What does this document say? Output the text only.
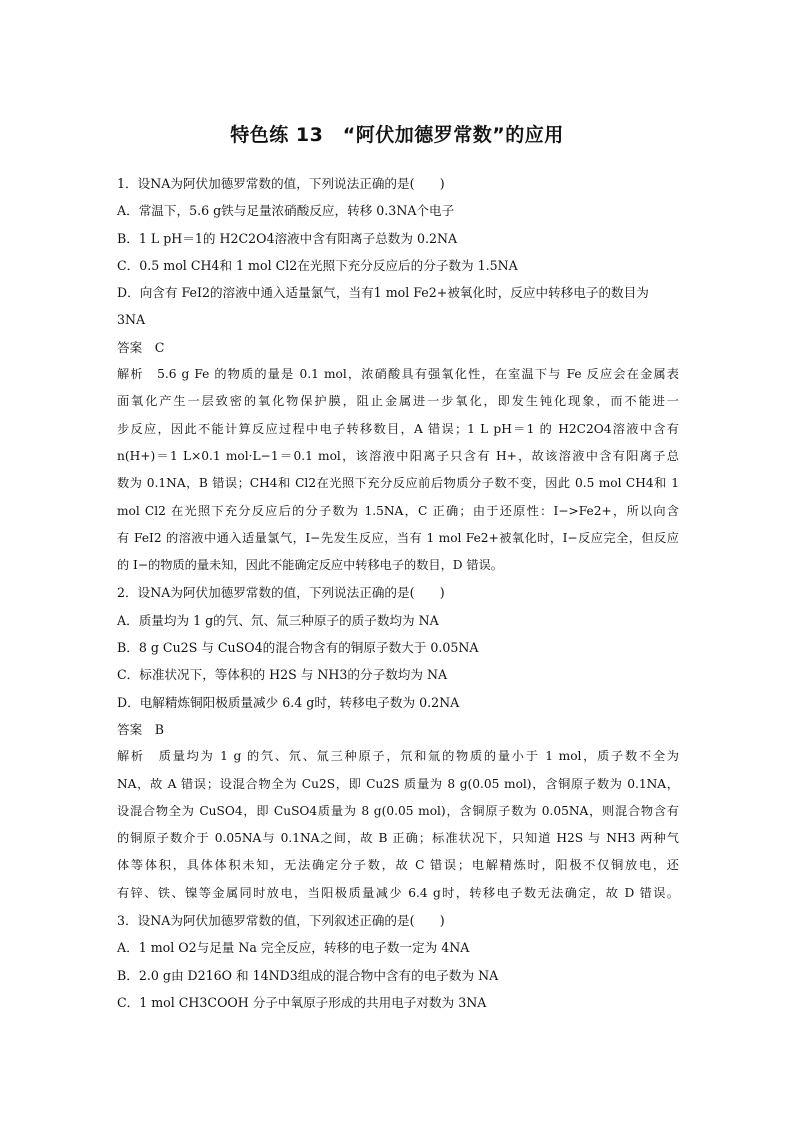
特色练 13　“阿伏加德罗常数”的应用
1．设NA为阿伏加德罗常数的值，下列说法正确的是(　　)
A．常温下，5.6 g铁与足量浓硝酸反应，转移 0.3NA个电子
B．1 L pH＝1的 H2C2O4溶液中含有阳离子总数为 0.2NA
C．0.5 mol CH4和 1 mol Cl2在光照下充分反应后的分子数为 1.5NA
D．向含有 FeI2的溶液中通入适量氯气，当有1 mol Fe2+被氧化时，反应中转移电子的数目为
3NA
答案　C
解析　5.6 g Fe 的物质的量是 0.1 mol，浓硝酸具有强氧化性，在室温下与 Fe 反应会在金属表
面氧化产生一层致密的氧化物保护膜，阻止金属进一步氧化，即发生钝化现象，而不能进一
步反应，因此不能计算反应过程中电子转移数目，A 错误；1 L pH＝1 的 H2C2O4溶液中含有
n(H+)＝1 L×0.1 mol·L−1＝0.1 mol，该溶液中阳离子只含有 H+，故该溶液中含有阳离子总
数为 0.1NA，B 错误；CH4和 Cl2在光照下充分反应前后物质分子数不变，因此 0.5 mol CH4和 1
mol Cl2 在光照下充分反应后的分子数为 1.5NA，C 正确；由于还原性：I−>Fe2+，所以向含
有 FeI2 的溶液中通入适量氯气，I−先发生反应，当有 1 mol Fe2+被氧化时，I−反应完全，但反应
的 I−的物质的量未知，因此不能确定反应中转移电子的数目，D 错误。
2．设NA为阿伏加德罗常数的值，下列说法正确的是(　　)
A．质量均为 1 g的氕、氘、氚三种原子的质子数均为 NA
B．8 g Cu2S 与 CuSO4的混合物含有的铜原子数大于 0.05NA
C．标准状况下，等体积的 H2S 与 NH3的分子数均为 NA
D．电解精炼铜阳极质量减少 6.4 g时，转移电子数为 0.2NA
答案　B
解析　质量均为 1 g 的氕、氘、氚三种原子，氘和氚的物质的量小于 1 mol，质子数不全为
NA，故 A 错误；设混合物全为 Cu2S，即 Cu2S 质量为 8 g(0.05 mol)，含铜原子数为 0.1NA，
设混合物全为 CuSO4，即 CuSO4质量为 8 g(0.05 mol)，含铜原子数为 0.05NA，则混合物含有
的铜原子数介于 0.05NA与 0.1NA之间，故 B 正确；标准状况下，只知道 H2S 与 NH3 两种气
体等体积，具体体积未知，无法确定分子数，故 C 错误；电解精炼时，阳极不仅铜放电，还
有锌、铁、镍等金属同时放电，当阳极质量减少 6.4 g时，转移电子数无法确定，故 D 错误。
3．设NA为阿伏加德罗常数的值，下列叙述正确的是(　　)
A．1 mol O2与足量 Na 完全反应，转移的电子数一定为 4NA
B．2.0 g由 D216O 和 14ND3组成的混合物中含有的电子数为 NA
C．1 mol CH3COOH 分子中氧原子形成的共用电子对数为 3NA
